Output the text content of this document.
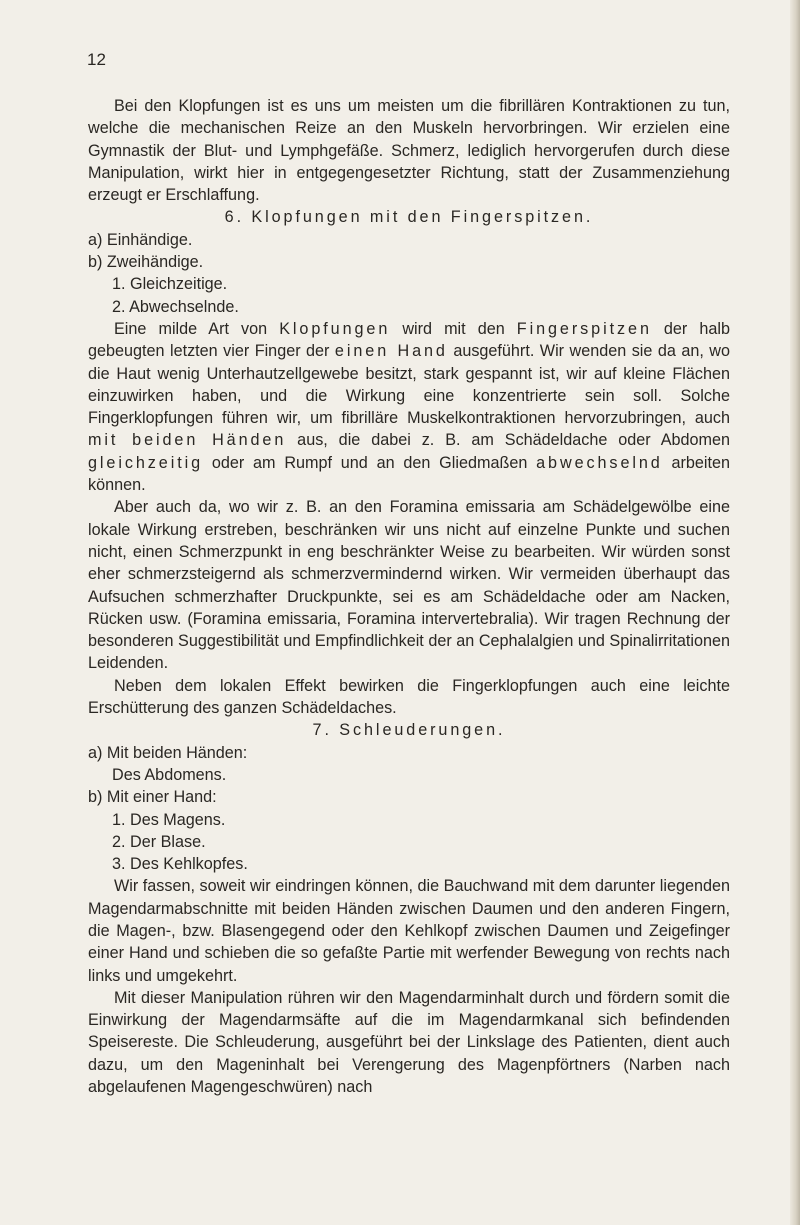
12

Bei den Klopfungen ist es uns um meisten um die fibrillären Kontraktionen zu tun, welche die mechanischen Reize an den Muskeln hervorbringen. Wir erzielen eine Gymnastik der Blut- und Lymphgefäße. Schmerz, lediglich hervorgerufen durch diese Manipulation, wirkt hier in entgegengesetzter Richtung, statt der Zusammenziehung erzeugt er Erschlaffung.

6. Klopfungen mit den Fingerspitzen.

a) Einhändige.
b) Zweihändige.
1. Gleichzeitige.
2. Abwechselnde.

Eine milde Art von Klopfungen wird mit den Fingerspitzen der halb gebeugten letzten vier Finger der einen Hand ausgeführt. Wir wenden sie da an, wo die Haut wenig Unterhautzellgewebe besitzt, stark gespannt ist, wir auf kleine Flächen einzuwirken haben, und die Wirkung eine konzentrierte sein soll. Solche Fingerklopfungen führen wir, um fibrilläre Muskelkontraktionen hervorzubringen, auch mit beiden Händen aus, die dabei z. B. am Schädeldache oder Abdomen gleichzeitig oder am Rumpf und an den Gliedmaßen abwechselnd arbeiten können.

Aber auch da, wo wir z. B. an den Foramina emissaria am Schädelgewölbe eine lokale Wirkung erstreben, beschränken wir uns nicht auf einzelne Punkte und suchen nicht, einen Schmerzpunkt in eng beschränkter Weise zu bearbeiten. Wir würden sonst eher schmerzsteigernd als schmerzvermindernd wirken. Wir vermeiden überhaupt das Aufsuchen schmerzhafter Druckpunkte, sei es am Schädeldache oder am Nacken, Rücken usw. (Foramina emissaria, Foramina intervertebralia). Wir tragen Rechnung der besonderen Suggestibilität und Empfindlichkeit der an Cephalalgien und Spinalirritationen Leidenden.

Neben dem lokalen Effekt bewirken die Fingerklopfungen auch eine leichte Erschütterung des ganzen Schädeldaches.

7. Schleuderungen.

a) Mit beiden Händen:
Des Abdomens.
b) Mit einer Hand:
1. Des Magens.
2. Der Blase.
3. Des Kehlkopfes.

Wir fassen, soweit wir eindringen können, die Bauchwand mit dem darunter liegenden Magendarmabschnitte mit beiden Händen zwischen Daumen und den anderen Fingern, die Magen-, bzw. Blasengegend oder den Kehlkopf zwischen Daumen und Zeigefinger einer Hand und schieben die so gefaßte Partie mit werfender Bewegung von rechts nach links und umgekehrt.

Mit dieser Manipulation rühren wir den Magendarminhalt durch und fördern somit die Einwirkung der Magendarmsäfte auf die im Magendarmkanal sich befindenden Speisereste. Die Schleuderung, ausgeführt bei der Linkslage des Patienten, dient auch dazu, um den Mageninhalt bei Verengerung des Magenpförtners (Narben nach abgelaufenen Magengeschwüren) nach
